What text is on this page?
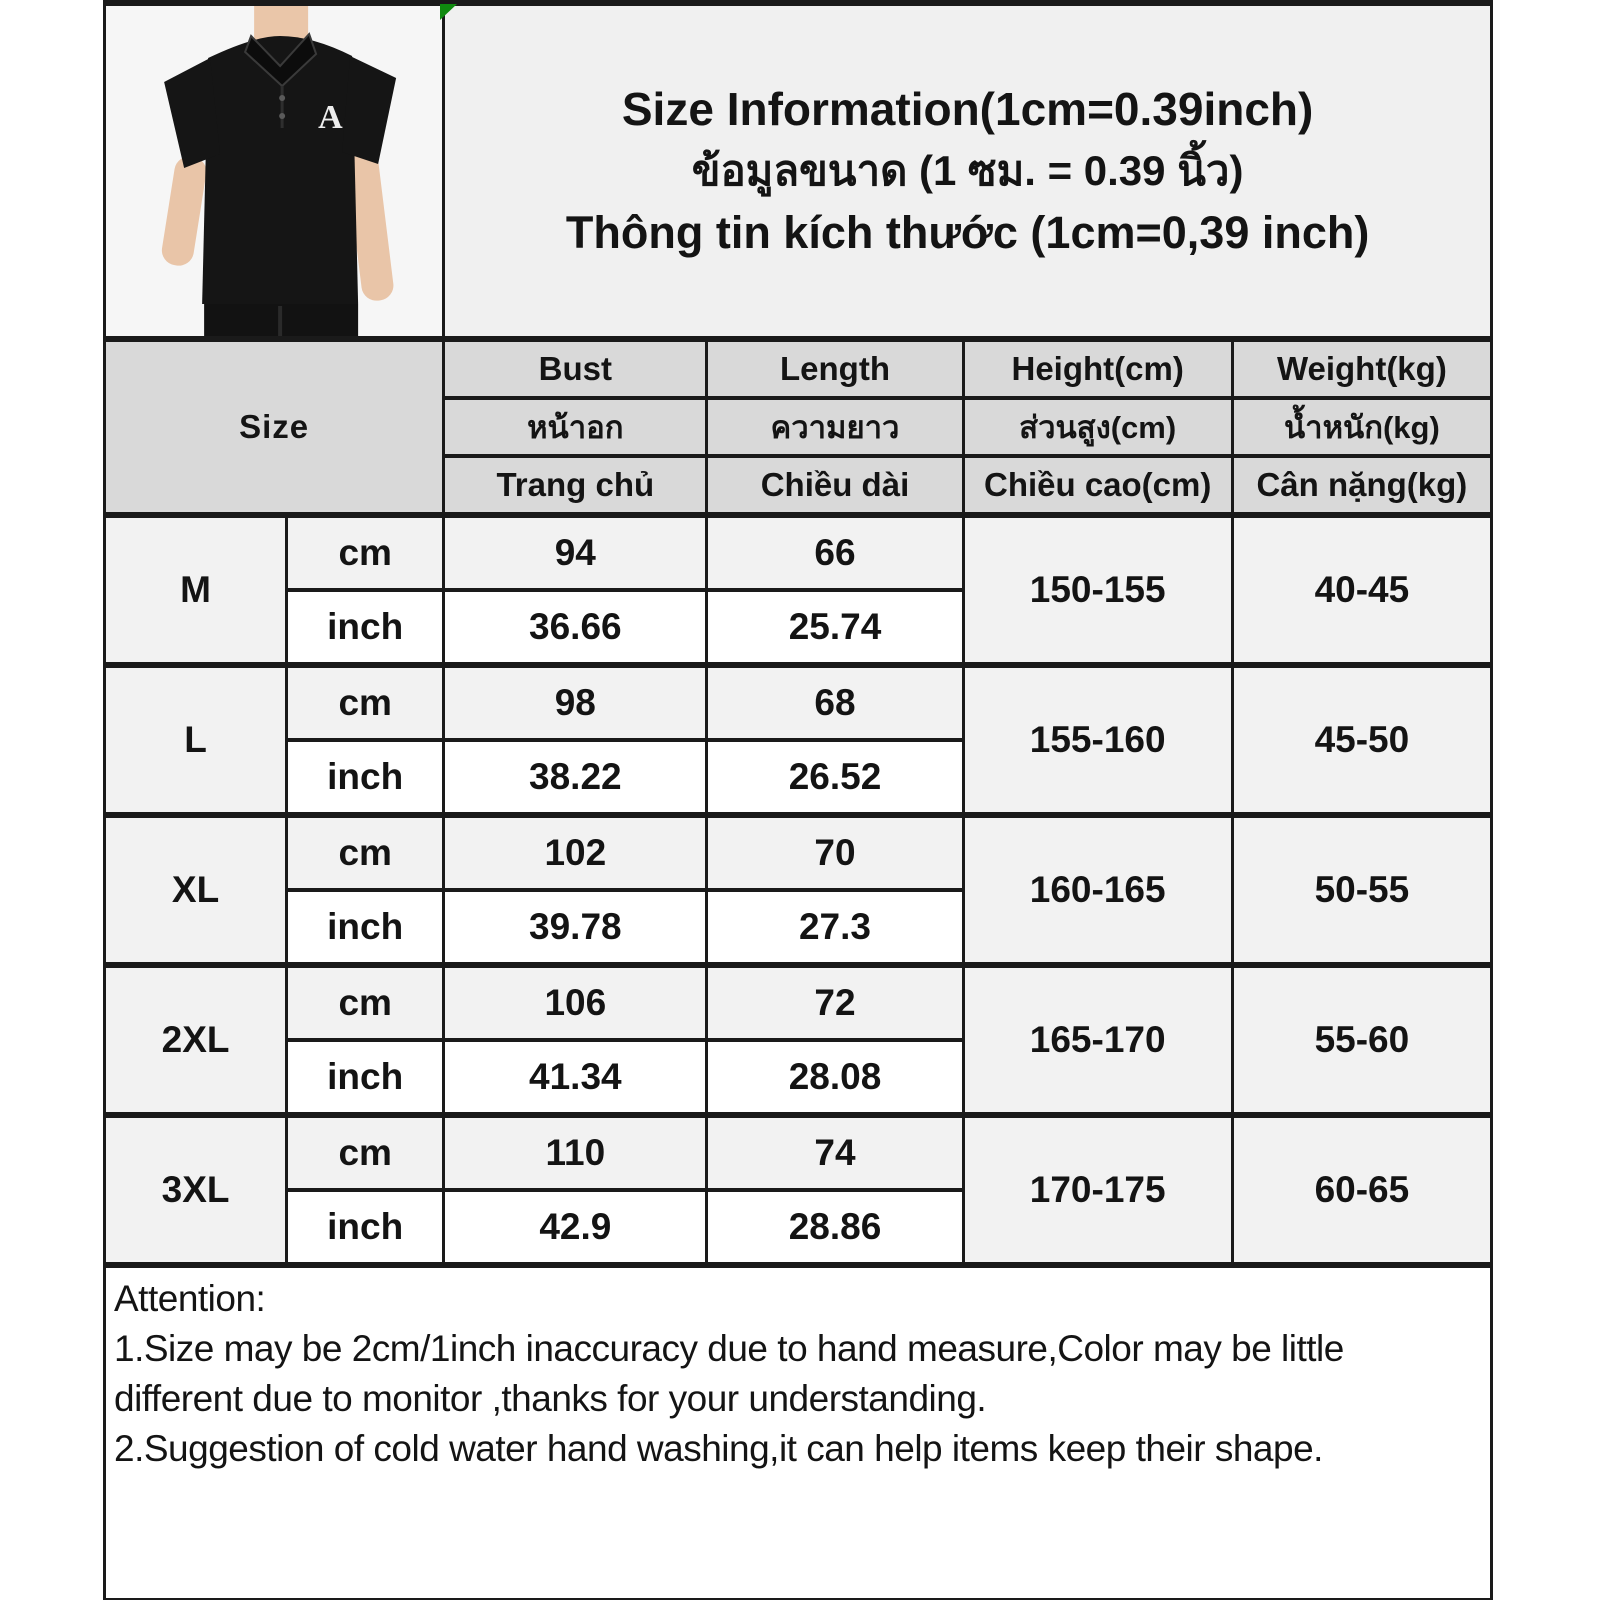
A		Size Information(1cm=0.39inch)
ข้อมูลขนาด (1 ซม. = 0.39 นิ้ว)
Thông tin kích thước (1cm=0,39 inch)			

Size		Bust	Length	Height(cm)	Weight(kg)
		หน้าอก	ความยาว	ส่วนสูง(cm)	น้ำหนัก(kg)
		Trang chủ	Chiều dài	Chiều cao(cm)	Cân nặng(kg)
M	cm	94	66	150-155	40-45
	inch	36.66	25.74		
L	cm	98	68	155-160	45-50
	inch	38.22	26.52		
XL	cm	102	70	160-165	50-55
	inch	39.78	27.3		
2XL	cm	106	72	165-170	55-60
	inch	41.34	28.08		
3XL	cm	110	74	170-175	60-65
	inch	42.9	28.86		

Attention:
1.Size may be 2cm/1inch inaccuracy due to hand measure,Color may be little different due to monitor ,thanks for your understanding.
2.Suggestion of cold water hand washing,it can help items keep their shape.					
